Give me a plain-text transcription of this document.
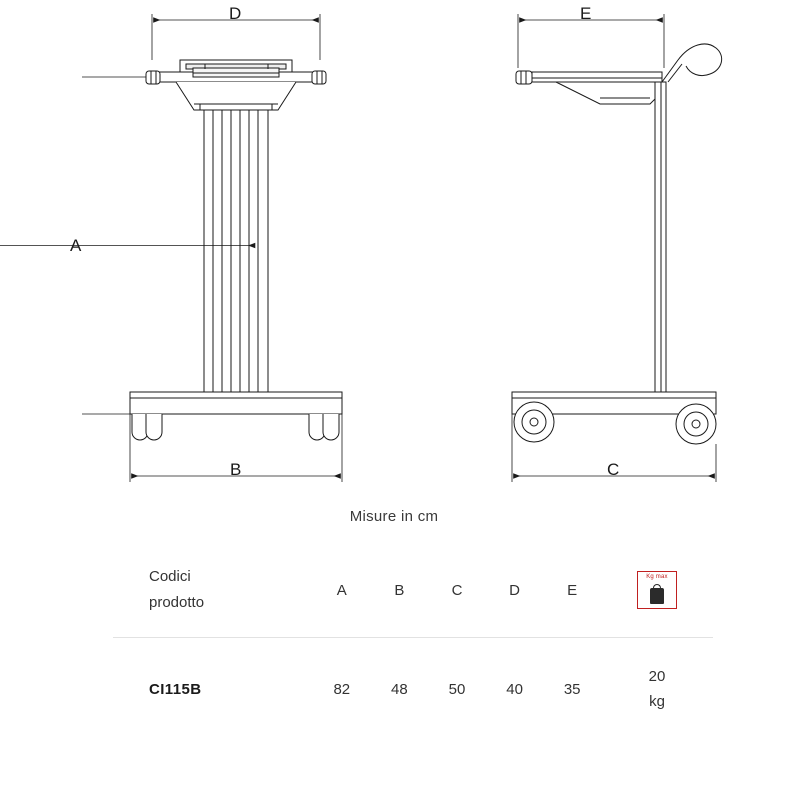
D
A
B
E
C
Misure in cm
Codici
prodotto	A	B	C	D	E	Kg max

CI115B	82	48	50	40	35	20
kg
